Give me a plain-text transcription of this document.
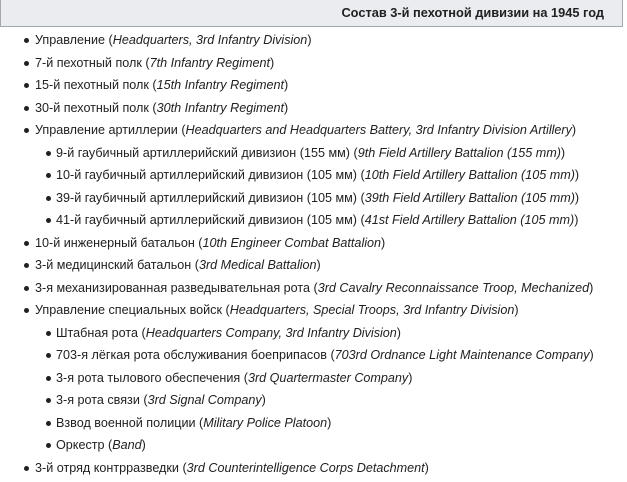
Состав 3-й пехотной дивизии на 1945 год
Управление (Headquarters, 3rd Infantry Division)
7-й пехотный полк (7th Infantry Regiment)
15-й пехотный полк (15th Infantry Regiment)
30-й пехотный полк (30th Infantry Regiment)
Управление артиллерии (Headquarters and Headquarters Battery, 3rd Infantry Division Artillery)
9-й гаубичный артиллерийский дивизион (155 мм) (9th Field Artillery Battalion (155 mm))
10-й гаубичный артиллерийский дивизион (105 мм) (10th Field Artillery Battalion (105 mm))
39-й гаубичный артиллерийский дивизион (105 мм) (39th Field Artillery Battalion (105 mm))
41-й гаубичный артиллерийский дивизион (105 мм) (41st Field Artillery Battalion (105 mm))
10-й инженерный батальон (10th Engineer Combat Battalion)
3-й медицинский батальон (3rd Medical Battalion)
3-я механизированная разведывательная рота (3rd Cavalry Reconnaissance Troop, Mechanized)
Управление специальных войск (Headquarters, Special Troops, 3rd Infantry Division)
Штабная рота (Headquarters Company, 3rd Infantry Division)
703-я лёгкая рота обслуживания боеприпасов (703rd Ordnance Light Maintenance Company)
3-я рота тылового обеспечения (3rd Quartermaster Company)
3-я рота связи (3rd Signal Company)
Взвод военной полиции (Military Police Platoon)
Оркестр (Band)
3-й отряд контрразведки (3rd Counterintelligence Corps Detachment)
